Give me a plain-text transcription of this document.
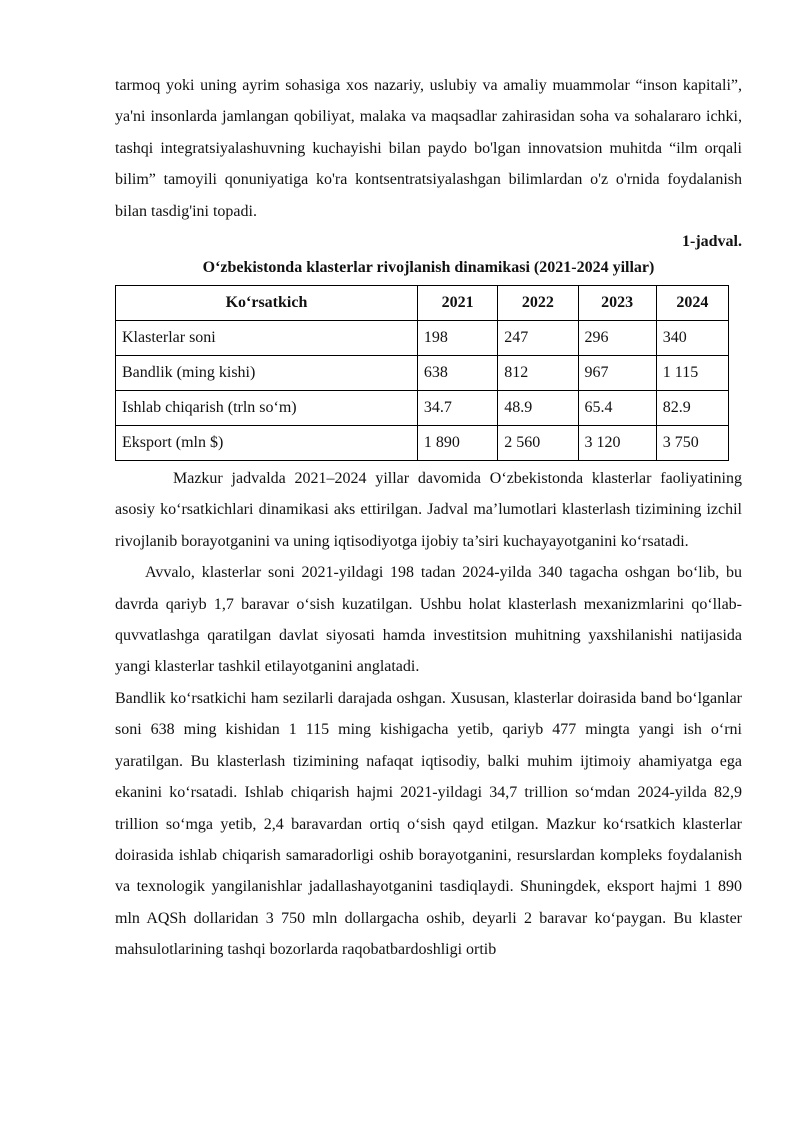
tarmoq yoki uning ayrim sohasiga xos nazariy, uslubiy va amaliy muammolar “inson kapitali”, ya'ni insonlarda jamlangan qobiliyat, malaka va maqsadlar zahirasidan soha va sohalararo ichki, tashqi integratsiyalashuvning kuchayishi bilan paydo bo'lgan innovatsion muhitda “ilm orqali bilim” tamoyili qonuniyatiga ko'ra kontsentratsiyalashgan bilimlardan o'z o'rnida foydalanish bilan tasdig'ini topadi.

1-jadval.
O‘zbekistonda klasterlar rivojlanish dinamikasi (2021-2024 yillar)
Ko‘rsatkich	2021	2022	2023	2024
Klasterlar soni	198	247	296	340
Bandlik (ming kishi)	638	812	967	1 115
Ishlab chiqarish (trln so‘m)	34.7	48.9	65.4	82.9
Eksport (mln $)	1 890	2 560	3 120	3 750

Mazkur jadvalda 2021–2024 yillar davomida O‘zbekistonda klasterlar faoliyatining asosiy ko‘rsatkichlari dinamikasi aks ettirilgan. Jadval ma’lumotlari klasterlash tizimining izchil rivojlanib borayotganini va uning iqtisodiyotga ijobiy ta’siri kuchayayotganini ko‘rsatadi.

Avvalo, klasterlar soni 2021-yildagi 198 tadan 2024-yilda 340 tagacha oshgan bo‘lib, bu davrda qariyb 1,7 baravar o‘sish kuzatilgan. Ushbu holat klasterlash mexanizmlarini qo‘llab-quvvatlashga qaratilgan davlat siyosati hamda investitsion muhitning yaxshilanishi natijasida yangi klasterlar tashkil etilayotganini anglatadi.

Bandlik ko‘rsatkichi ham sezilarli darajada oshgan. Xususan, klasterlar doirasida band bo‘lganlar soni 638 ming kishidan 1 115 ming kishigacha yetib, qariyb 477 mingta yangi ish o‘rni yaratilgan. Bu klasterlash tizimining nafaqat iqtisodiy, balki muhim ijtimoiy ahamiyatga ega ekanini ko‘rsatadi. Ishlab chiqarish hajmi 2021-yildagi 34,7 trillion so‘mdan 2024-yilda 82,9 trillion so‘mga yetib, 2,4 baravardan ortiq o‘sish qayd etilgan. Mazkur ko‘rsatkich klasterlar doirasida ishlab chiqarish samaradorligi oshib borayotganini, resurslardan kompleks foydalanish va texnologik yangilanishlar jadallashayotganini tasdiqlaydi. Shuningdek, eksport hajmi 1 890 mln AQSh dollaridan 3 750 mln dollargacha oshib, deyarli 2 baravar ko‘paygan. Bu klaster mahsulotlarining tashqi bozorlarda raqobatbardoshligi ortib
